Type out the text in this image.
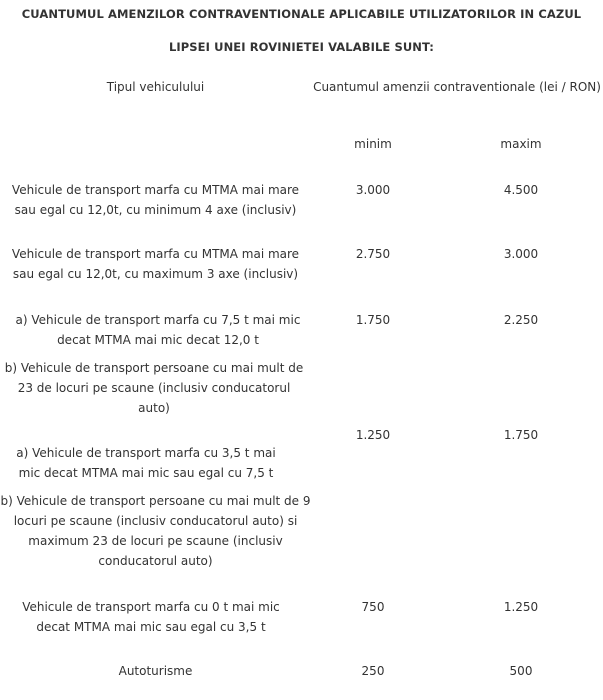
CUANTUMUL AMENZILOR CONTRAVENTIONALE APLICABILE UTILIZATORILOR IN CAZUL
LIPSEI UNEI ROVINIETEI VALABILE SUNT:
Tipul vehiculului	Cuantumul amenzii contraventionale (lei / RON)
minim	maxim
Vehicule de transport marfa cu MTMA mai mare sau egal cu 12,0t, cu minimum 4 axe (inclusiv)
3.000	4.500
Vehicule de transport marfa cu MTMA mai mare sau egal cu 12,0t, cu maximum 3 axe (inclusiv)
2.750	3.000
a) Vehicule de transport marfa cu 7,5 t mai mic decat MTMA mai mic decat 12,0 t
b) Vehicule de transport persoane cu mai mult de 23 de locuri pe scaune (inclusiv conducatorul auto)
1.750	2.250
a) Vehicule de transport marfa cu 3,5 t mai mic decat MTMA mai mic sau egal cu 7,5 t
b) Vehicule de transport persoane cu mai mult de 9 locuri pe scaune (inclusiv conducatorul auto) si maximum 23 de locuri pe scaune (inclusiv conducatorul auto)
1.250	1.750
Vehicule de transport marfa cu 0 t mai mic decat MTMA mai mic sau egal cu 3,5 t
750	1.250
Autoturisme	250	500
